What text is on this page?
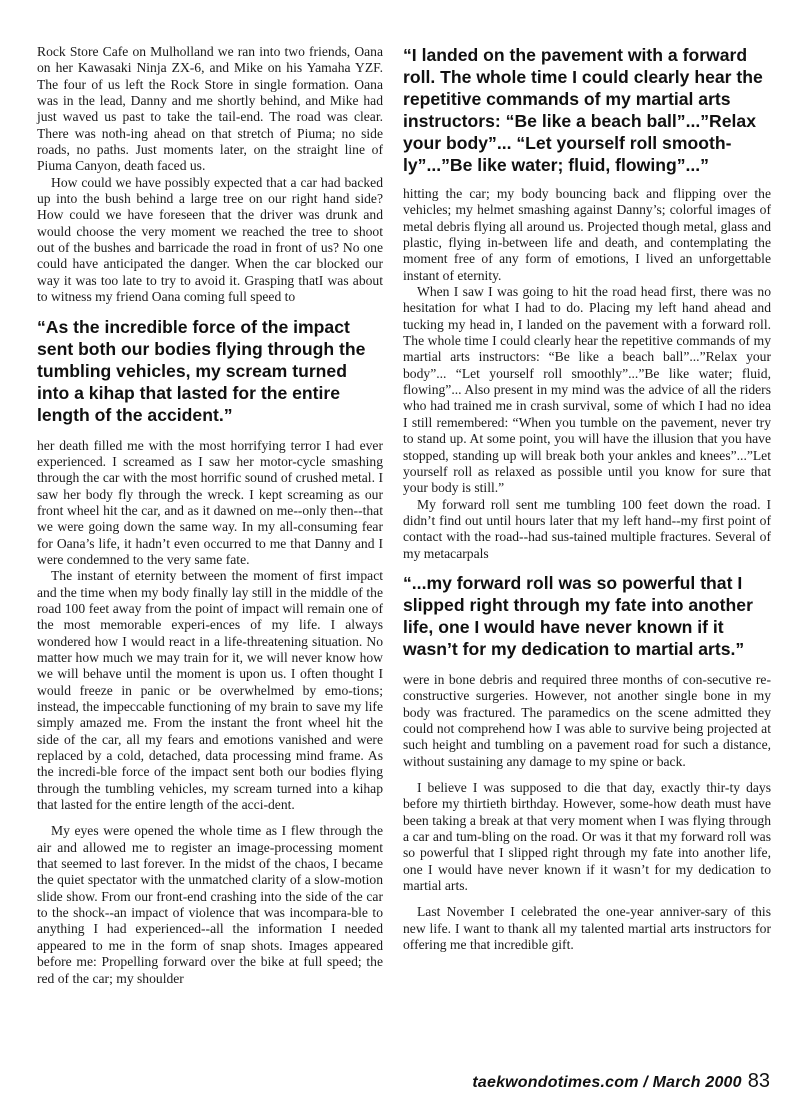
Rock Store Cafe on Mulholland we ran into two friends, Oana on her Kawasaki Ninja ZX-6, and Mike on his Yamaha YZF. The four of us left the Rock Store in single formation. Oana was in the lead, Danny and me shortly behind, and Mike had just waved us past to take the tail-end. The road was clear. There was noth-ing ahead on that stretch of Piuma; no side roads, no paths. Just moments later, on the straight line of Piuma Canyon, death faced us.

How could we have possibly expected that a car had backed up into the bush behind a large tree on our right hand side? How could we have foreseen that the driver was drunk and would choose the very moment we reached the tree to shoot out of the bushes and barricade the road in front of us? No one could have anticipated the danger. When the car blocked our way it was too late to try to avoid it. Grasping thatI was about to witness my friend Oana coming full speed to

“As the incredible force of the impact sent both our bodies flying through the tumbling vehicles, my scream turned into a kihap that lasted for the entire length of the accident.”

her death filled me with the most horrifying terror I had ever experienced. I screamed as I saw her motor-cycle smashing through the car with the most horrific sound of crushed metal. I saw her body fly through the wreck. I kept screaming as our front wheel hit the car, and as it dawned on me--only then--that we were going down the same way. In my all-consuming fear for Oana’s life, it hadn’t even occurred to me that Danny and I were condemned to the very same fate.

The instant of eternity between the moment of first impact and the time when my body finally lay still in the middle of the road 100 feet away from the point of impact will remain one of the most memorable experi-ences of my life. I always wondered how I would react in a life-threatening situation. No matter how much we may train for it, we will never know how we will behave until the moment is upon us. I often thought I would freeze in panic or be overwhelmed by emo-tions; instead, the impeccable functioning of my brain to save my life simply amazed me. From the instant the front wheel hit the side of the car, all my fears and emotions vanished and were replaced by a cold, detached, data processing mind frame. As the incredi-ble force of the impact sent both our bodies flying through the tumbling vehicles, my scream turned into a kihap that lasted for the entire length of the acci-dent.

My eyes were opened the whole time as I flew through the air and allowed me to register an image-processing moment that seemed to last forever. In the midst of the chaos, I became the quiet spectator with the unmatched clarity of a slow-motion slide show. From our front-end crashing into the side of the car to the shock--an impact of violence that was incompara-ble to anything I had experienced--all the information I needed appeared to me in the form of snap shots. Images appeared before me: Propelling forward over the bike at full speed; the red of the car; my shoulder

“I landed on the pavement with a forward roll. The whole time I could clearly hear the repetitive commands of my martial arts instructors: “Be like a beach ball”...”Relax your body”... “Let yourself roll smooth-ly”...”Be like water; fluid, flowing”...”

hitting the car; my body bouncing back and flipping over the vehicles; my helmet smashing against Danny’s; colorful images of metal debris flying all around us. Projected though metal, glass and plastic, flying in-between life and death, and contemplating the moment free of any form of emotions, I lived an unforgettable instant of eternity.

When I saw I was going to hit the road head first, there was no hesitation for what I had to do. Placing my left hand ahead and tucking my head in, I landed on the pavement with a forward roll. The whole time I could clearly hear the repetitive commands of my martial arts instructors: “Be like a beach ball”...”Relax your body”... “Let yourself roll smoothly”...”Be like water; fluid, flowing”... Also present in my mind was the advice of all the riders who had trained me in crash survival, some of which I had no idea I still remembered: “When you tumble on the pavement, never try to stand up. At some point, you will have the illusion that you have stopped, standing up will break both your ankles and knees”...”Let yourself roll as relaxed as possible until you know for sure that your body is still.”

My forward roll sent me tumbling 100 feet down the road. I didn’t find out until hours later that my left hand--my first point of contact with the road--had sus-tained multiple fractures. Several of my metacarpals

“...my forward roll was so powerful that I slipped right through my fate into another life, one I would have never known if it wasn’t for my dedication to martial arts.”

were in bone debris and required three months of con-secutive re-constructive surgeries. However, not another single bone in my body was fractured. The paramedics on the scene admitted they could not comprehend how I was able to survive being projected at such height and tumbling on a pavement road for such a distance, without sustaining any damage to my spine or back.

I believe I was supposed to die that day, exactly thir-ty days before my thirtieth birthday. However, some-how death must have been taking a break at that very moment when I was flying through a car and tum-bling on the road. Or was it that my forward roll was so powerful that I slipped right through my fate into another life, one I would have never known if it wasn’t for my dedication to martial arts.

Last November I celebrated the one-year anniver-sary of this new life. I want to thank all my talented martial arts instructors for offering me that incredible gift.

taekwondotimes.com / March 2000 83
